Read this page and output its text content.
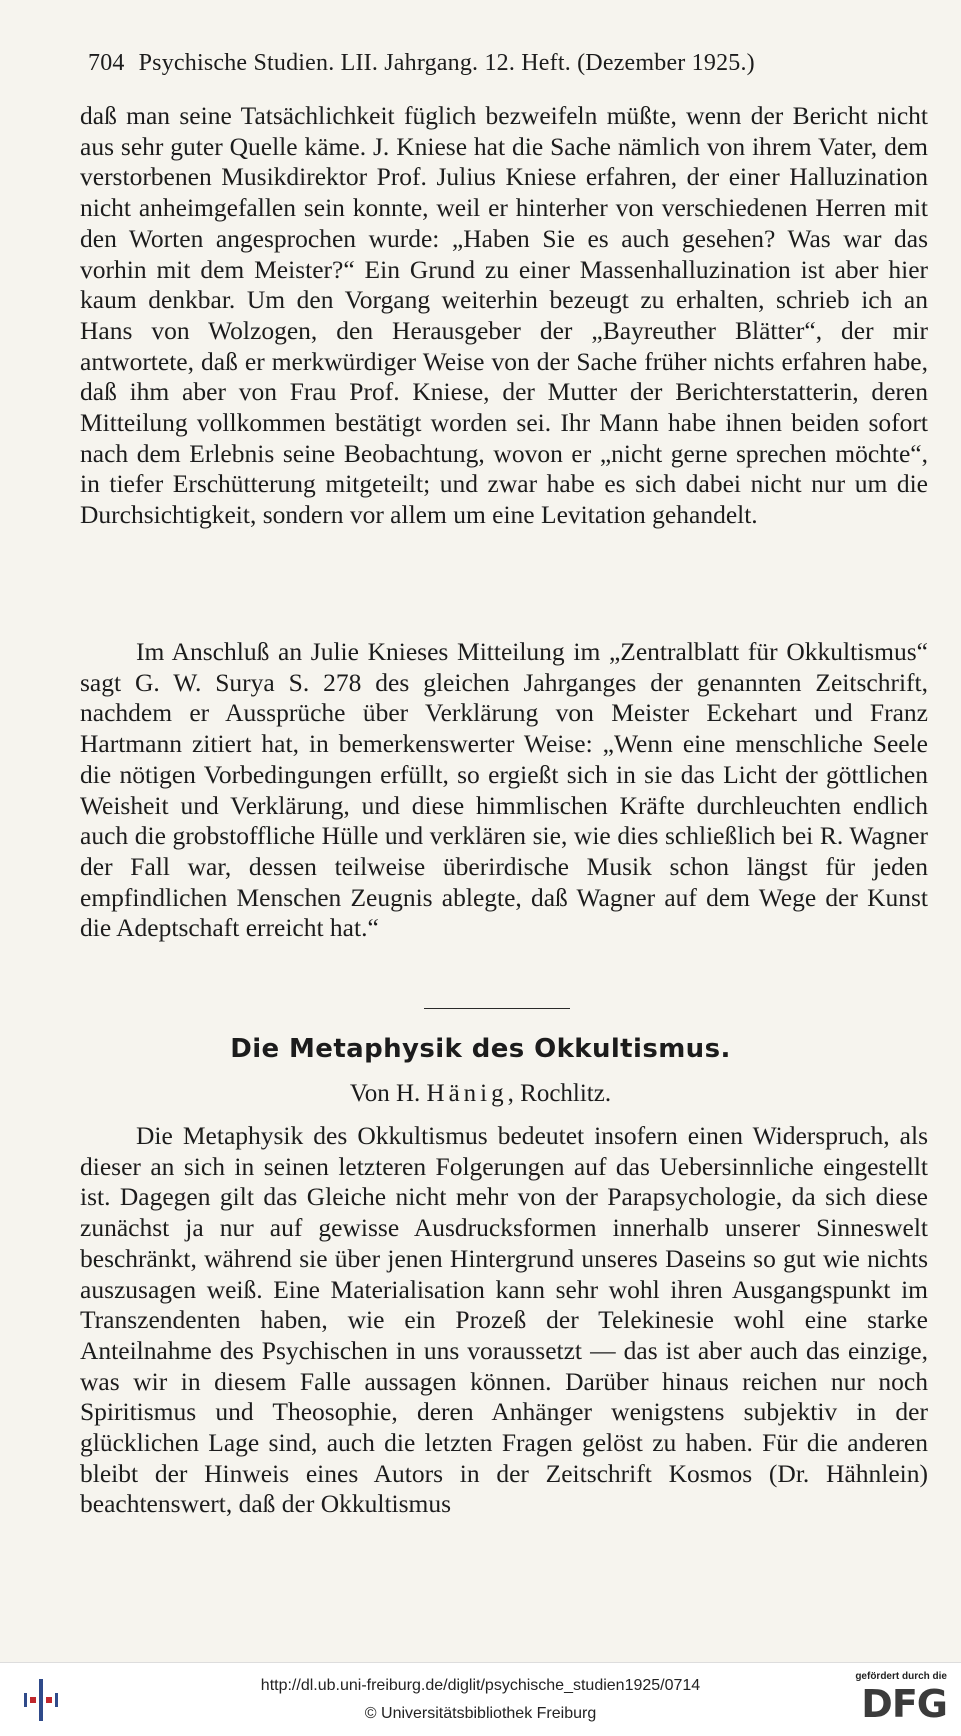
704 Psychische Studien. LII. Jahrgang. 12. Heft. (Dezember 1925.)

daß man seine Tatsächlichkeit füglich bezweifeln müßte, wenn der Bericht nicht aus sehr guter Quelle käme. J. Kniese hat die Sache nämlich von ihrem Vater, dem verstorbenen Musikdirektor Prof. Julius Kniese erfahren, der einer Halluzination nicht anheimgefallen sein konnte, weil er hinterher von verschiedenen Herren mit den Worten angesprochen wurde: „Haben Sie es auch gesehen? Was war das vorhin mit dem Meister?“ Ein Grund zu einer Massenhalluzination ist aber hier kaum denkbar. Um den Vorgang weiterhin bezeugt zu erhalten, schrieb ich an Hans von Wolzogen, den Herausgeber der „Bayreuther Blätter“, der mir antwortete, daß er merkwürdiger Weise von der Sache früher nichts erfahren habe, daß ihm aber von Frau Prof. Kniese, der Mutter der Berichterstatterin, deren Mitteilung vollkommen bestätigt worden sei. Ihr Mann habe ihnen beiden sofort nach dem Erlebnis seine Beobachtung, wovon er „nicht gerne sprechen möchte“, in tiefer Erschütterung mitgeteilt; und zwar habe es sich dabei nicht nur um die Durchsichtigkeit, sondern vor allem um eine Levitation gehandelt.

Im Anschluß an Julie Knieses Mitteilung im „Zentralblatt für Okkultismus“ sagt G. W. Surya S. 278 des gleichen Jahrganges der genannten Zeitschrift, nachdem er Aussprüche über Verklärung von Meister Eckehart und Franz Hartmann zitiert hat, in bemerkenswerter Weise: „Wenn eine menschliche Seele die nötigen Vorbedingungen erfüllt, so ergießt sich in sie das Licht der göttlichen Weisheit und Verklärung, und diese himmlischen Kräfte durchleuchten endlich auch die grobstoffliche Hülle und verklären sie, wie dies schließlich bei R. Wagner der Fall war, dessen teilweise überirdische Musik schon längst für jeden empfindlichen Menschen Zeugnis ablegte, daß Wagner auf dem Wege der Kunst die Adeptschaft erreicht hat.“

Die Metaphysik des Okkultismus.
Von H. Hänig, Rochlitz.

Die Metaphysik des Okkultismus bedeutet insofern einen Widerspruch, als dieser an sich in seinen letzteren Folgerungen auf das Uebersinnliche eingestellt ist. Dagegen gilt das Gleiche nicht mehr von der Parapsychologie, da sich diese zunächst ja nur auf gewisse Ausdrucksformen innerhalb unserer Sinneswelt beschränkt, während sie über jenen Hintergrund unseres Daseins so gut wie nichts auszusagen weiß. Eine Materialisation kann sehr wohl ihren Ausgangspunkt im Transzendenten haben, wie ein Prozeß der Telekinesie wohl eine starke Anteilnahme des Psychischen in uns voraussetzt — das ist aber auch das einzige, was wir in diesem Falle aussagen können. Darüber hinaus reichen nur noch Spiritismus und Theosophie, deren Anhänger wenigstens subjektiv in der glücklichen Lage sind, auch die letzten Fragen gelöst zu haben. Für die anderen bleibt der Hinweis eines Autors in der Zeitschrift Kosmos (Dr. Hähnlein) beachtenswert, daß der Okkultismus

http://dl.ub.uni-freiburg.de/diglit/psychische_studien1925/0714
© Universitätsbibliothek Freiburg
gefördert durch die
DFG
